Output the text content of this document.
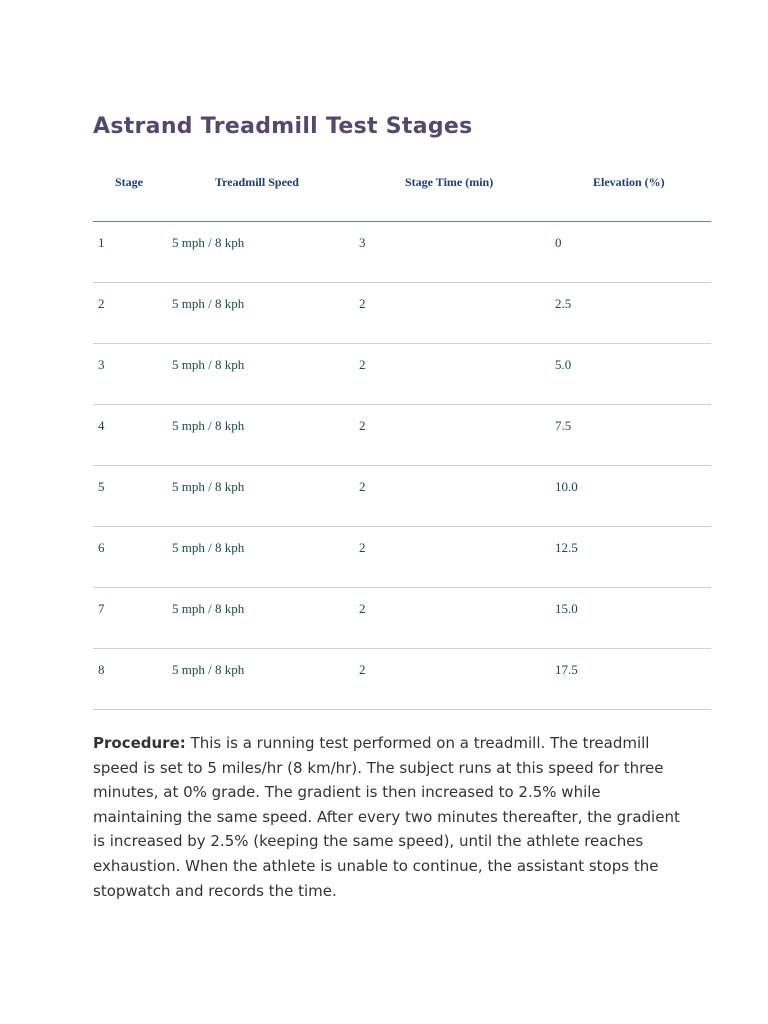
Astrand Treadmill Test Stages
Stage	Treadmill Speed	Stage Time (min)	Elevation (%)
1	5 mph / 8 kph	3	0
2	5 mph / 8 kph	2	2.5
3	5 mph / 8 kph	2	5.0
4	5 mph / 8 kph	2	7.5
5	5 mph / 8 kph	2	10.0
6	5 mph / 8 kph	2	12.5
7	5 mph / 8 kph	2	15.0
8	5 mph / 8 kph	2	17.5

Procedure: This is a running test performed on a treadmill. The treadmill speed is set to 5 miles/hr (8 km/hr). The subject runs at this speed for three minutes, at 0% grade. The gradient is then increased to 2.5% while maintaining the same speed. After every two minutes thereafter, the gradient is increased by 2.5% (keeping the same speed), until the athlete reaches exhaustion. When the athlete is unable to continue, the assistant stops the stopwatch and records the time.
